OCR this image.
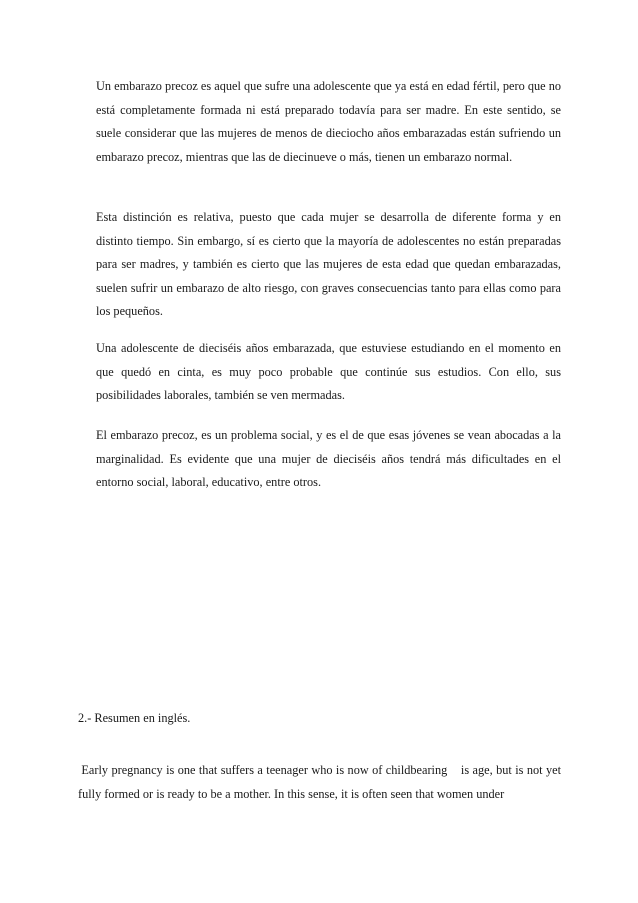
Un embarazo precoz es aquel que sufre una adolescente que ya está en edad fértil, pero que no está completamente formada ni está preparado todavía para ser madre. En este sentido, se suele considerar que las mujeres de menos de dieciocho años embarazadas están sufriendo un embarazo precoz, mientras que las de diecinueve o más, tienen un embarazo normal.

Esta distinción es relativa, puesto que cada mujer se desarrolla de diferente forma y en distinto tiempo. Sin embargo, sí es cierto que la mayoría de adolescentes no están preparadas para ser madres, y también es cierto que las mujeres de esta edad que quedan embarazadas, suelen sufrir un embarazo de alto riesgo, con graves consecuencias tanto para ellas como para los pequeños.

Una adolescente de dieciséis años embarazada, que estuviese estudiando en el momento en que quedó en cinta, es muy poco probable que continúe sus estudios. Con ello, sus posibilidades laborales, también se ven mermadas.

El embarazo precoz, es un problema social, y es el de que esas jóvenes se vean abocadas a la marginalidad. Es evidente que una mujer de dieciséis años tendrá más dificultades en el entorno social, laboral, educativo, entre otros.

2.- Resumen en inglés.

Early pregnancy is one that suffers a teenager who is now of childbearing    is age, but is not yet fully formed or is ready to be a mother. In this sense, it is often seen that women under
